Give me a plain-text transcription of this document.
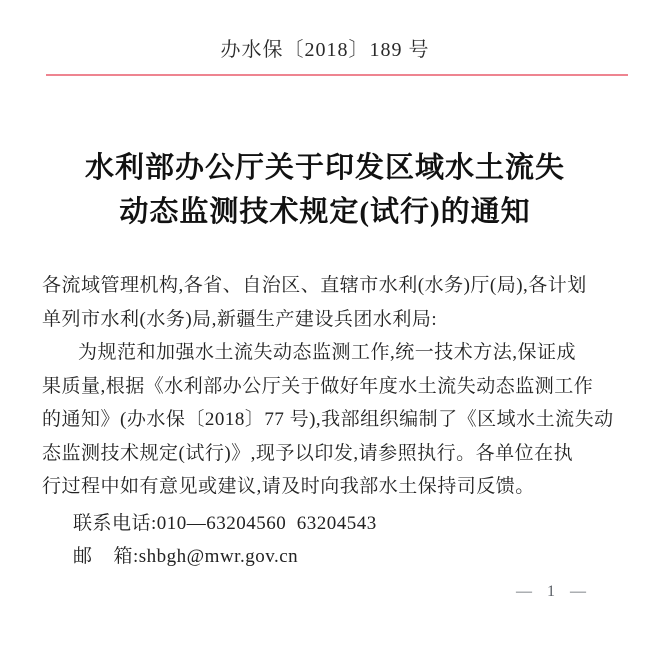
办水保〔2018〕189 号
水利部办公厅关于印发区域水土流失
动态监测技术规定(试行)的通知
各流域管理机构,各省、自治区、直辖市水利(水务)厅(局),各计划
单列市水利(水务)局,新疆生产建设兵团水利局:
为规范和加强水土流失动态监测工作,统一技术方法,保证成
果质量,根据《水利部办公厅关于做好年度水土流失动态监测工作
的通知》(办水保〔2018〕77 号),我部组织编制了《区域水土流失动
态监测技术规定(试行)》,现予以印发,请参照执行。各单位在执
行过程中如有意见或建议,请及时向我部水土保持司反馈。
联系电话:010—63204560  63204543
邮    箱:shbgh@mwr.gov.cn
— 1 —
